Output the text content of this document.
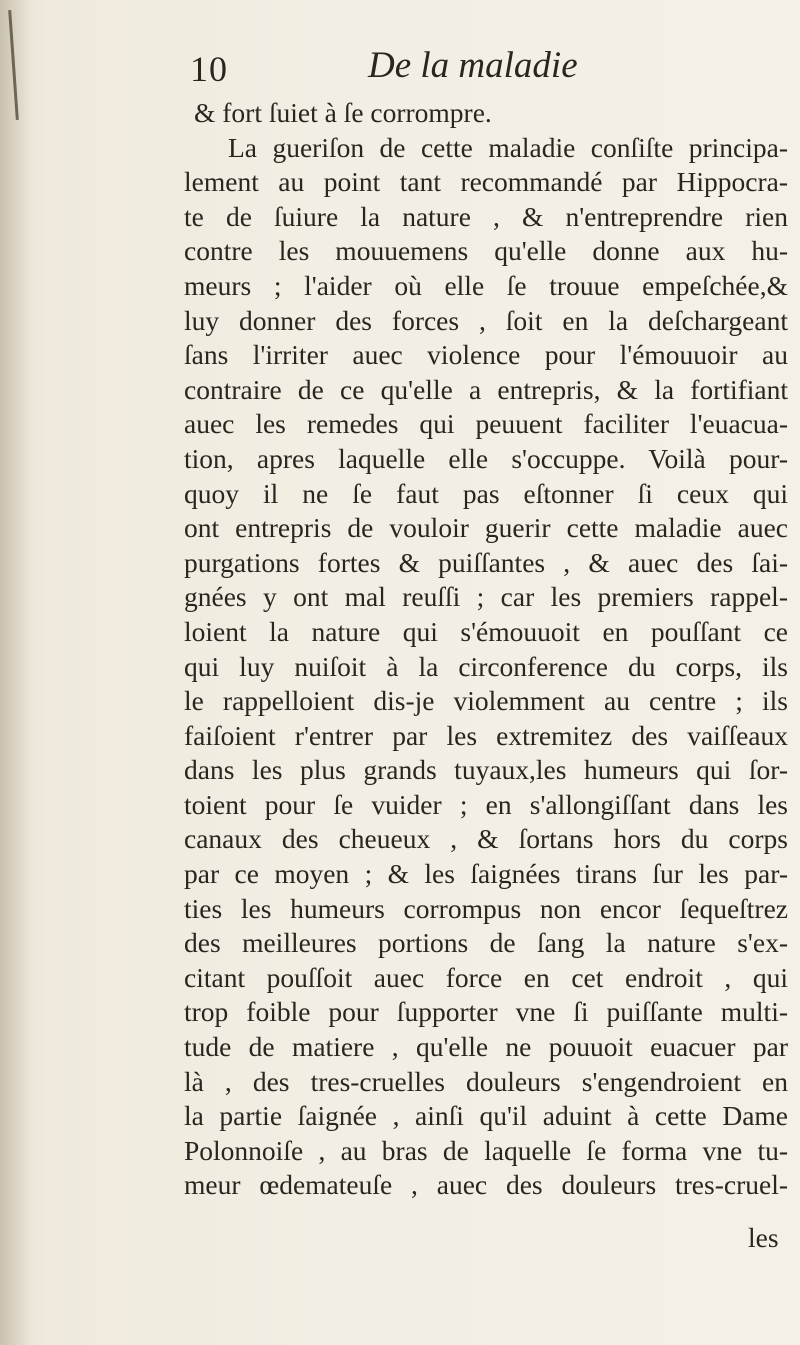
10	De la maladie
& fort ſuiet à ſe corrompre.
La gueriſon de cette maladie conſiſte principa-
lement au point tant recommandé par Hippocra-
te de ſuiure la nature , & n'entreprendre rien
contre les mouuemens qu'elle donne aux hu-
meurs ; l'aider où elle ſe trouue empeſchée,&
luy donner des forces , ſoit en la deſchargeant
ſans l'irriter auec violence pour l'émouuoir au
contraire de ce qu'elle a entrepris, & la fortifiant
auec les remedes qui peuuent faciliter l'euacua-
tion, apres laquelle elle s'occuppe. Voilà pour-
quoy il ne ſe faut pas eſtonner ſi ceux qui
ont entrepris de vouloir guerir cette maladie auec
purgations fortes & puiſſantes , & auec des ſai-
gnées y ont mal reuſſi ; car les premiers rappel-
loient la nature qui s'émouuoit en pouſſant ce
qui luy nuiſoit à la circonference du corps, ils
le rappelloient dis-je violemment au centre ; ils
faiſoient r'entrer par les extremitez des vaiſſeaux
dans les plus grands tuyaux,les humeurs qui ſor-
toient pour ſe vuider ; en s'allongiſſant dans les
canaux des cheueux , & ſortans hors du corps
par ce moyen ; & les ſaignées tirans ſur les par-
ties les humeurs corrompus non encor ſequeſtrez
des meilleures portions de ſang la nature s'ex-
citant pouſſoit auec force en cet endroit , qui
trop foible pour ſupporter vne ſi puiſſante multi-
tude de matiere , qu'elle ne pouuoit euacuer par
là , des tres-cruelles douleurs s'engendroient en
la partie ſaignée , ainſi qu'il aduint à cette Dame
Polonnoiſe , au bras de laquelle ſe forma vne tu-
meur œdemateuſe , auec des douleurs tres-cruel-
les
